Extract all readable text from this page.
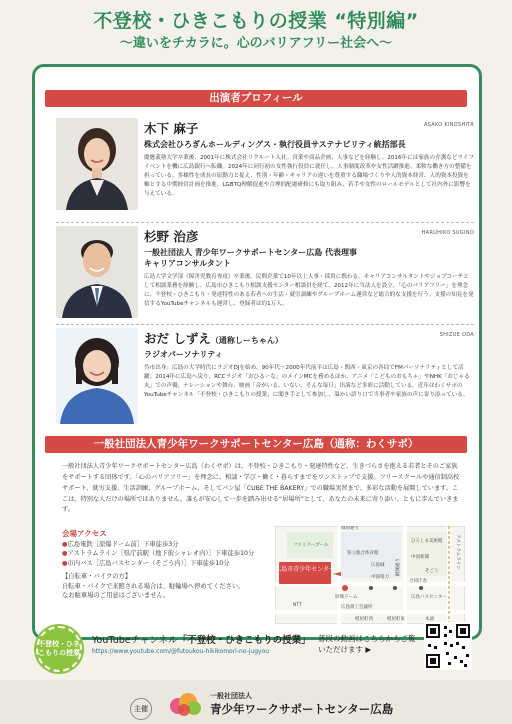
不登校・ひきこもりの授業 “特別編”
〜違いをチカラに。心のバリアフリー社会へ〜
出演者プロフィール
木下 麻子	ASAKO KINOSHITA
株式会社ひろぎんホールディングス・執行役員サステナビリティ統括部長
慶應義塾大学卒業後、2001年に株式会社リクルート入社。営業や商品企画、人事などを経験し、2016年には家族の介護などライフイベントを機に広島銀行へ転職。2024年に同行初の女性執行役員に就任し、人事制度改革や女性活躍推進、柔軟な働き方の整備を担っている。多様性を成長の原動力と捉え、性別・年齢・キャリアの違いを尊重する職場づくりや人的資本経営、人的資本投資を軸とする中期経営計画を推進。LGBTQ理解促進や合理的配慮研修にも取り組み、若手や女性のロールモデルとして社内外に影響を与えている。
杉野 治彦	HARUHIKO SUGINO
一般社団法人 青少年ワークサポートセンター広島 代表理事
キャリアコンサルタント
広島大学文学部（障害児教育専攻）卒業後、民間企業で10年以上人事・採用に携わる。キャリアコンサルタントやジョブコーチとして相談業務を経験し、広島市ひきこもり相談支援センター相談員を経て、2012年に当法人を設立。「心のバリアフリー」を理念に、不登校・ひきこもり・発達特性のある若者への生活・就労訓練やグループホーム運営など総合的な支援を行う。支援の知見を発信するYouTubeチャンネルも運営し、登録者は約1万人。
おだ しずえ（通称しーちゃん）
SHIZUE ODA
ラジオパーソナリティ
呉市出身。広島の大学時代にラジオDJを始め、90年代〜2000年代前半は広島・関西・東京の各局でFMパーソナリティとして活躍。2014年に広島へ戻り、RCCラジオ「おひるーな」のメインMCを務めるほか、アニメ「こどものおもちゃ」やNHK「おじゃる丸」での声優、ナレーションや舞台、映画「音がいる、いない、そんな毎日」出演など多彩に活動している。近年はわくサポのYouTubeチャンネル「不登校・ひきこもりの授業」に聞き手として参加し、温かい語り口で当事者や家族の声に寄り添っている。
一般社団法人青少年ワークサポートセンター広島（通称：わくサポ）
一般社団法人青少年ワークサポートセンター広島（わくサポ）は、不登校・ひきこもり・発達特性など、生きづらさを抱える若者とそのご家族をサポートする団体です。「心のバリアフリー」を理念に、相談・学び・働く・暮らすまでをワンストップで支援。フリースクールや通信制高校サポート、就労支援、生活訓練、グループホーム、そしてパン屋「CUBE THE BAKERY」での職場実習まで、多彩な活動を展開しています。ここは、特別な人だけの場所ではありません。誰もが安心して一歩を踏み出せる“居場所”として、あなたの未来に寄り添い、ともに歩んでいきます。
会場アクセス
●広島電鉄［原爆ドーム前］下車徒歩3分
●アストラムライン［県庁前駅（地下街シャレオ内）］下車徒歩10分
●市内バス［広島バスセンター（そごう内）］下車徒歩10分
【自転車・バイクの方】
自転車・バイクで来館される場合は、駐輪場へ停めてください。
なお駐車場のご用意はございません。
広島市青少年センター
ファミリープール
県立総合体育館
広島城
ひろしま美術館
中国新聞
そごう
広島バスセンター
原爆ドーム
紙屋町東
紙屋町西	本通
アストラムライン
城南通り
鯉城通り
中国電力
合同庁舎
広島商工会議所
NTT
不登校・ひきこもりの授業
YouTubeチャンネル「不登校・ひきこもりの授業」
https://www.youtube.com/@futoukou-hikikomori-no-jugyou
普段の動画はこちらからご覧いただけます ▶
主催
一般社団法人
青少年ワークサポートセンター広島
